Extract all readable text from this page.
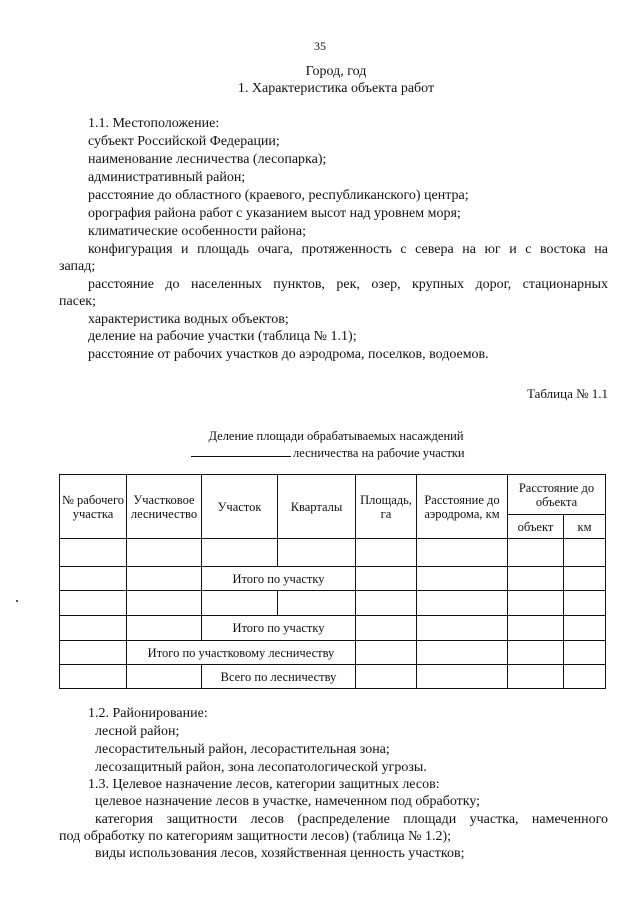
35
Город, год
1. Характеристика объекта работ
1.1. Местоположение:
субъект Российской Федерации;
наименование лесничества (лесопарка);
административный район;
расстояние до областного (краевого, республиканского) центра;
орография района работ с указанием высот над уровнем моря;
климатические особенности района;
конфигурация и площадь очага, протяженность с севера на юг и с востока на
запад;
расстояние до населенных пунктов, рек, озер, крупных дорог, стационарных
пасек;
характеристика водных объектов;
деление на рабочие участки (таблица № 1.1);
расстояние от рабочих участков до аэродрома, поселков, водоемов.
Таблица № 1.1
Деление площади обрабатываемых насаждений
лесничества на рабочие участки
№ рабочего участка	Участковое лесничество	Участок	Кварталы	Площадь, га	Расстояние до аэродрома, км	Расстояние до объекта	
						объект	км

		Итого по участку					

		Итого по участку					
	Итого по участковому лесничеству						
		Всего по лесничеству					
1.2. Районирование:
лесной район;
лесорастительный район, лесорастительная зона;
лесозащитный район, зона лесопатологической угрозы.
1.3. Целевое назначение лесов, категории защитных лесов:
целевое назначение лесов в участке, намеченном под обработку;
категория защитности лесов (распределение площади участка, намеченного
под обработку по категориям защитности лесов) (таблица № 1.2);
виды использования лесов, хозяйственная ценность участков;
